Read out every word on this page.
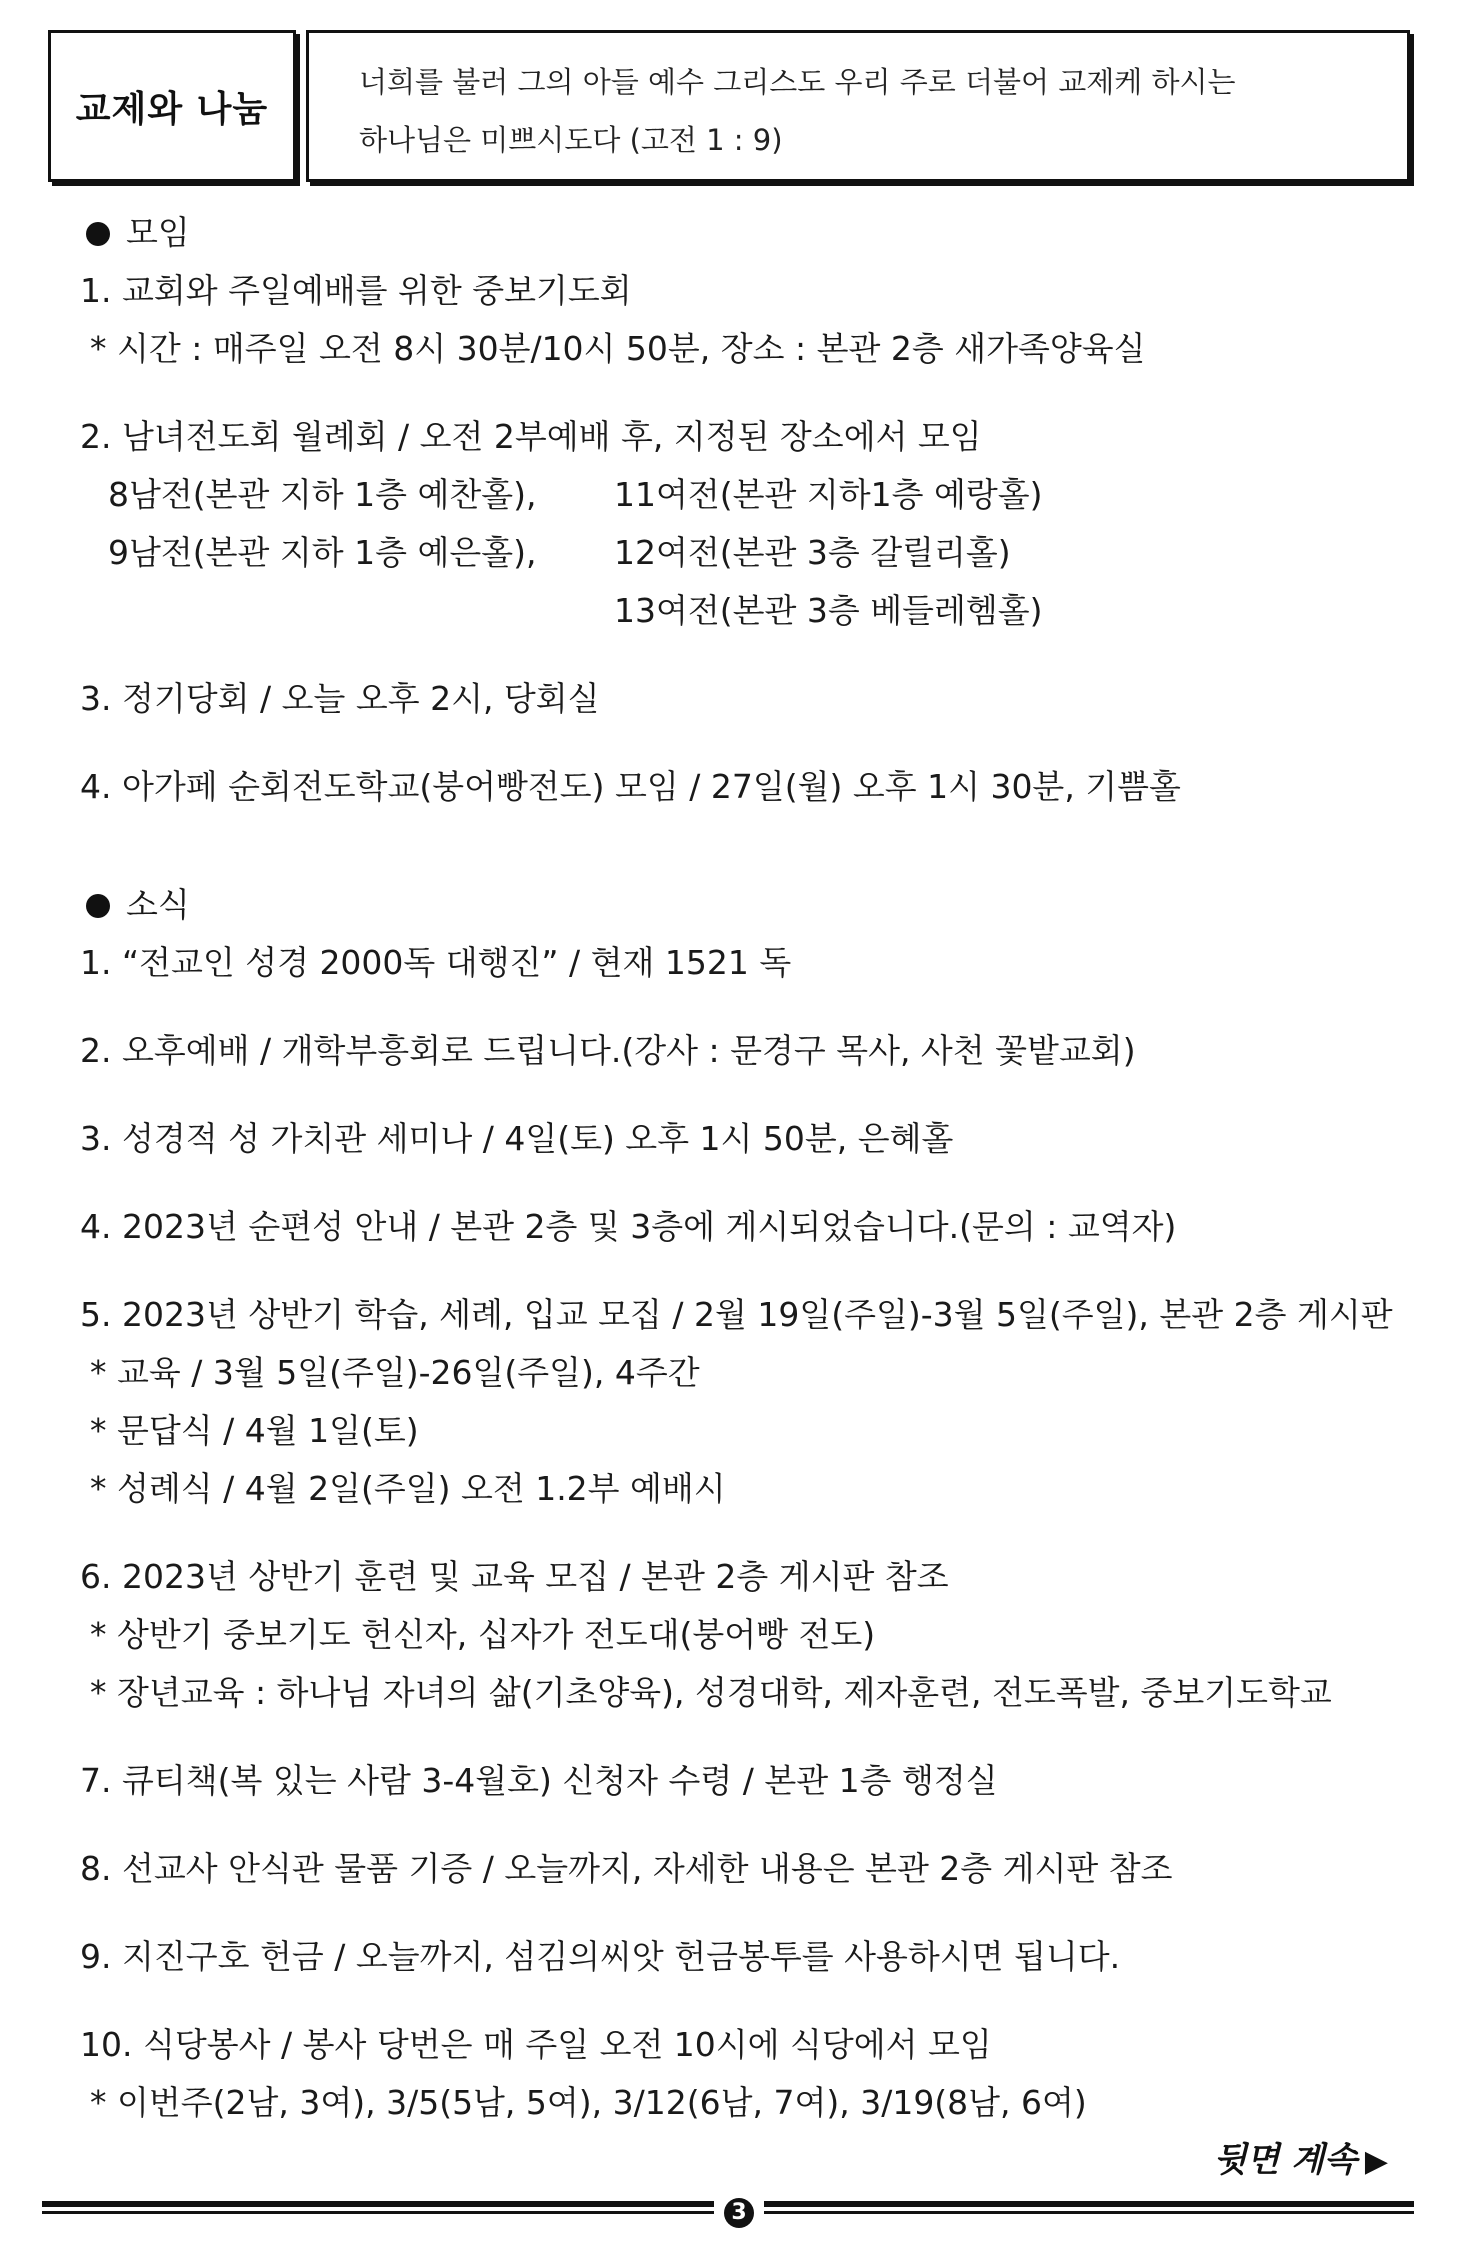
교제와 나눔
너희를 불러 그의 아들 예수 그리스도 우리 주로 더불어 교제케 하시는
하나님은 미쁘시도다 (고전 1 : 9)
모임
1. 교회와 주일예배를 위한 중보기도회
* 시간 : 매주일 오전 8시 30분/10시 50분, 장소 : 본관 2층 새가족양육실
2. 남녀전도회 월례회 / 오전 2부예배 후, 지정된 장소에서 모임
8남전(본관 지하 1층 예찬홀), 11여전(본관 지하1층 예랑홀)
9남전(본관 지하 1층 예은홀), 12여전(본관 3층 갈릴리홀)
13여전(본관 3층 베들레헴홀)
3. 정기당회 / 오늘 오후 2시, 당회실
4. 아가페 순회전도학교(붕어빵전도) 모임 / 27일(월) 오후 1시 30분, 기쁨홀
소식
1. “전교인 성경 2000독 대행진” / 현재 1521 독
2. 오후예배 / 개학부흥회로 드립니다.(강사 : 문경구 목사, 사천 꽃밭교회)
3. 성경적 성 가치관 세미나 / 4일(토) 오후 1시 50분, 은혜홀
4. 2023년 순편성 안내 / 본관 2층 및 3층에 게시되었습니다.(문의 : 교역자)
5. 2023년 상반기 학습, 세례, 입교 모집 / 2월 19일(주일)-3월 5일(주일), 본관 2층 게시판
* 교육 / 3월 5일(주일)-26일(주일), 4주간
* 문답식 / 4월 1일(토)
* 성례식 / 4월 2일(주일) 오전 1.2부 예배시
6. 2023년 상반기 훈련 및 교육 모집 / 본관 2층 게시판 참조
* 상반기 중보기도 헌신자, 십자가 전도대(붕어빵 전도)
* 장년교육 : 하나님 자녀의 삶(기초양육), 성경대학, 제자훈련, 전도폭발, 중보기도학교
7. 큐티책(복 있는 사람 3-4월호) 신청자 수령 / 본관 1층 행정실
8. 선교사 안식관 물품 기증 / 오늘까지, 자세한 내용은 본관 2층 게시판 참조
9. 지진구호 헌금 / 오늘까지, 섬김의씨앗 헌금봉투를 사용하시면 됩니다.
10. 식당봉사 / 봉사 당번은 매 주일 오전 10시에 식당에서 모임
* 이번주(2남, 3여), 3/5(5남, 5여), 3/12(6남, 7여), 3/19(8남, 6여)
뒷면 계속 ▶
3
